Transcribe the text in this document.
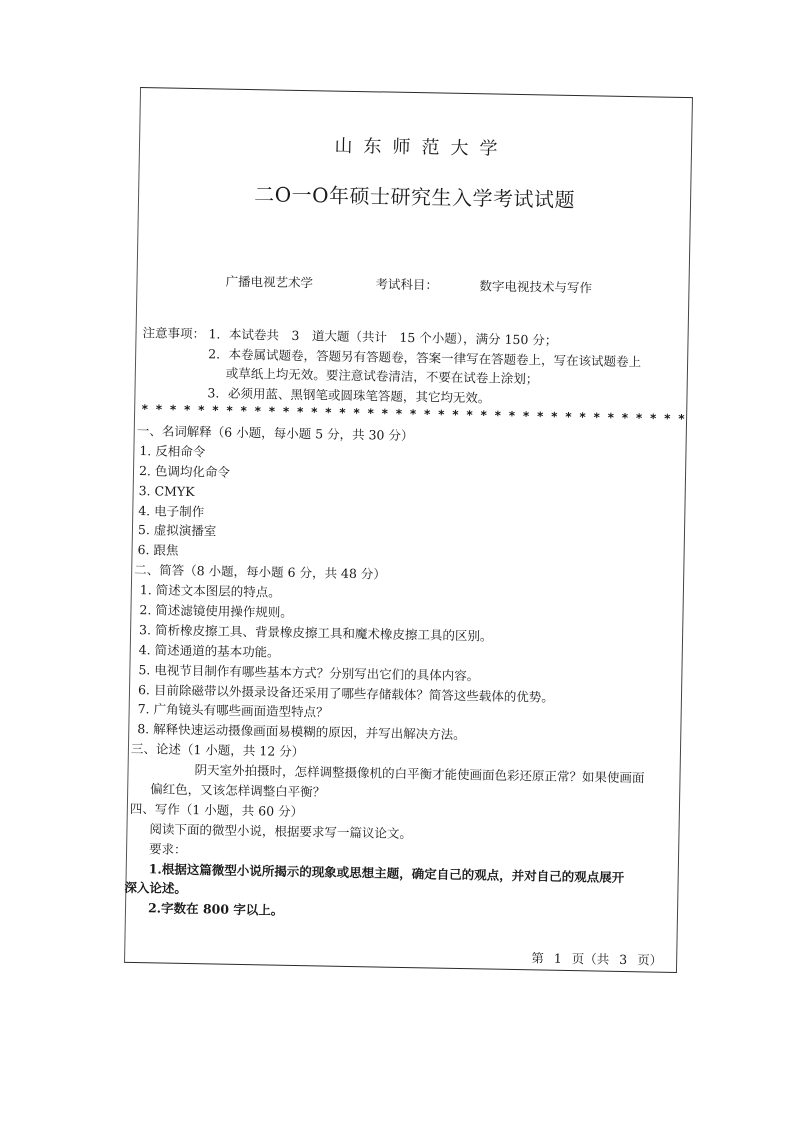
山东师范大学
二O一O年硕士研究生入学考试试题
广播电视艺术学	考试科目：	数字电视技术与写作
注意事项： 1．本试卷共　3　道大题（共计　15 个小题），满分 150 分；
2．本卷属试题卷，答题另有答题卷，答案一律写在答题卷上，写在该试题卷上
或草纸上均无效。要注意试卷清洁，不要在试卷上涂划；
3．必须用蓝、黑钢笔或圆珠笔答题，其它均无效。
***************************************
一、名词解释（6 小题，每小题 5 分，共 30 分）
1. 反相命令
2. 色调均化命令
3. CMYK
4. 电子制作
5. 虚拟演播室
6. 跟焦
二、简答（8 小题，每小题 6 分，共 48 分）
1. 简述文本图层的特点。
2. 简述滤镜使用操作规则。
3. 简析橡皮擦工具、背景橡皮擦工具和魔术橡皮擦工具的区别。
4. 简述通道的基本功能。
5. 电视节目制作有哪些基本方式？分别写出它们的具体内容。
6. 目前除磁带以外摄录设备还采用了哪些存储载体？简答这些载体的优势。
7. 广角镜头有哪些画面造型特点？
8. 解释快速运动摄像画面易模糊的原因，并写出解决方法。
三、论述（1 小题，共 12 分）
阴天室外拍摄时，怎样调整摄像机的白平衡才能使画面色彩还原正常？如果使画面
偏红色，又该怎样调整白平衡？
四、写作（1 小题，共 60 分）
阅读下面的微型小说，根据要求写一篇议论文。
要求：
1.根据这篇微型小说所揭示的现象或思想主题，确定自己的观点，并对自己的观点展开
深入论述。
2.字数在 800 字以上。
第 1 页（共 3 页）
